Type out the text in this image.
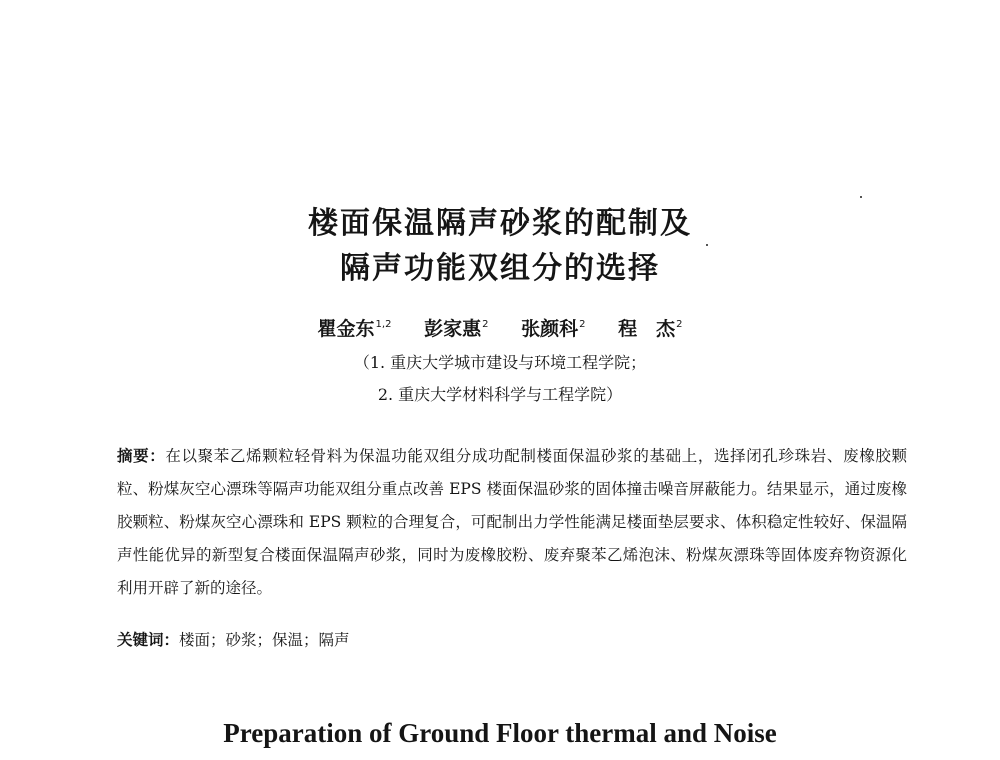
楼面保温隔声砂浆的配制及
隔声功能双组分的选择
瞿金东$^{1,2}$ 彭家惠$^2$ 张颜科$^2$ 程　杰$^2$
（1. 重庆大学城市建设与环境工程学院；
2. 重庆大学材料科学与工程学院）
摘要：在以聚苯乙烯颗粒轻骨料为保温功能双组分成功配制楼面保温砂浆的基础上，选择闭孔珍珠岩、废橡胶颗粒、粉煤灰空心漂珠等隔声功能双组分重点改善 EPS 楼面保温砂浆的固体撞击噪音屏蔽能力。结果显示，通过废橡胶颗粒、粉煤灰空心漂珠和 EPS 颗粒的合理复合，可配制出力学性能满足楼面垫层要求、体积稳定性较好、保温隔声性能优异的新型复合楼面保温隔声砂浆，同时为废橡胶粉、废弃聚苯乙烯泡沫、粉煤灰漂珠等固体废弃物资源化利用开辟了新的途径。
关键词：楼面；砂浆；保温；隔声
Preparation of Ground Floor thermal and Noise
